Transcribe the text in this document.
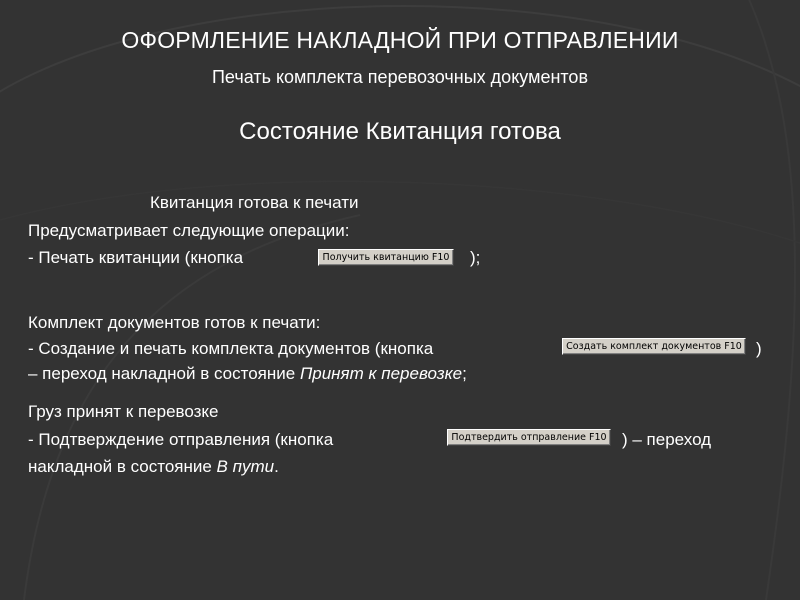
ОФОРМЛЕНИЕ НАКЛАДНОЙ ПРИ ОТПРАВЛЕНИИ
Печать комплекта перевозочных документов
Состояние Квитанция готова
Квитанция готова к печати
Предусматривает следующие операции:
- Печать квитанции (кнопка	Получить квитанцию F10 );
Комплект документов готов к печати:
- Создание и печать комплекта документов (кнопка	Создать комплект документов F10 )
– переход накладной в состояние Принят к перевозке;
Груз принят к перевозке
- Подтверждение отправления (кнопка	Подтвердить отправление F10 ) – переход
накладной в состояние В пути.
